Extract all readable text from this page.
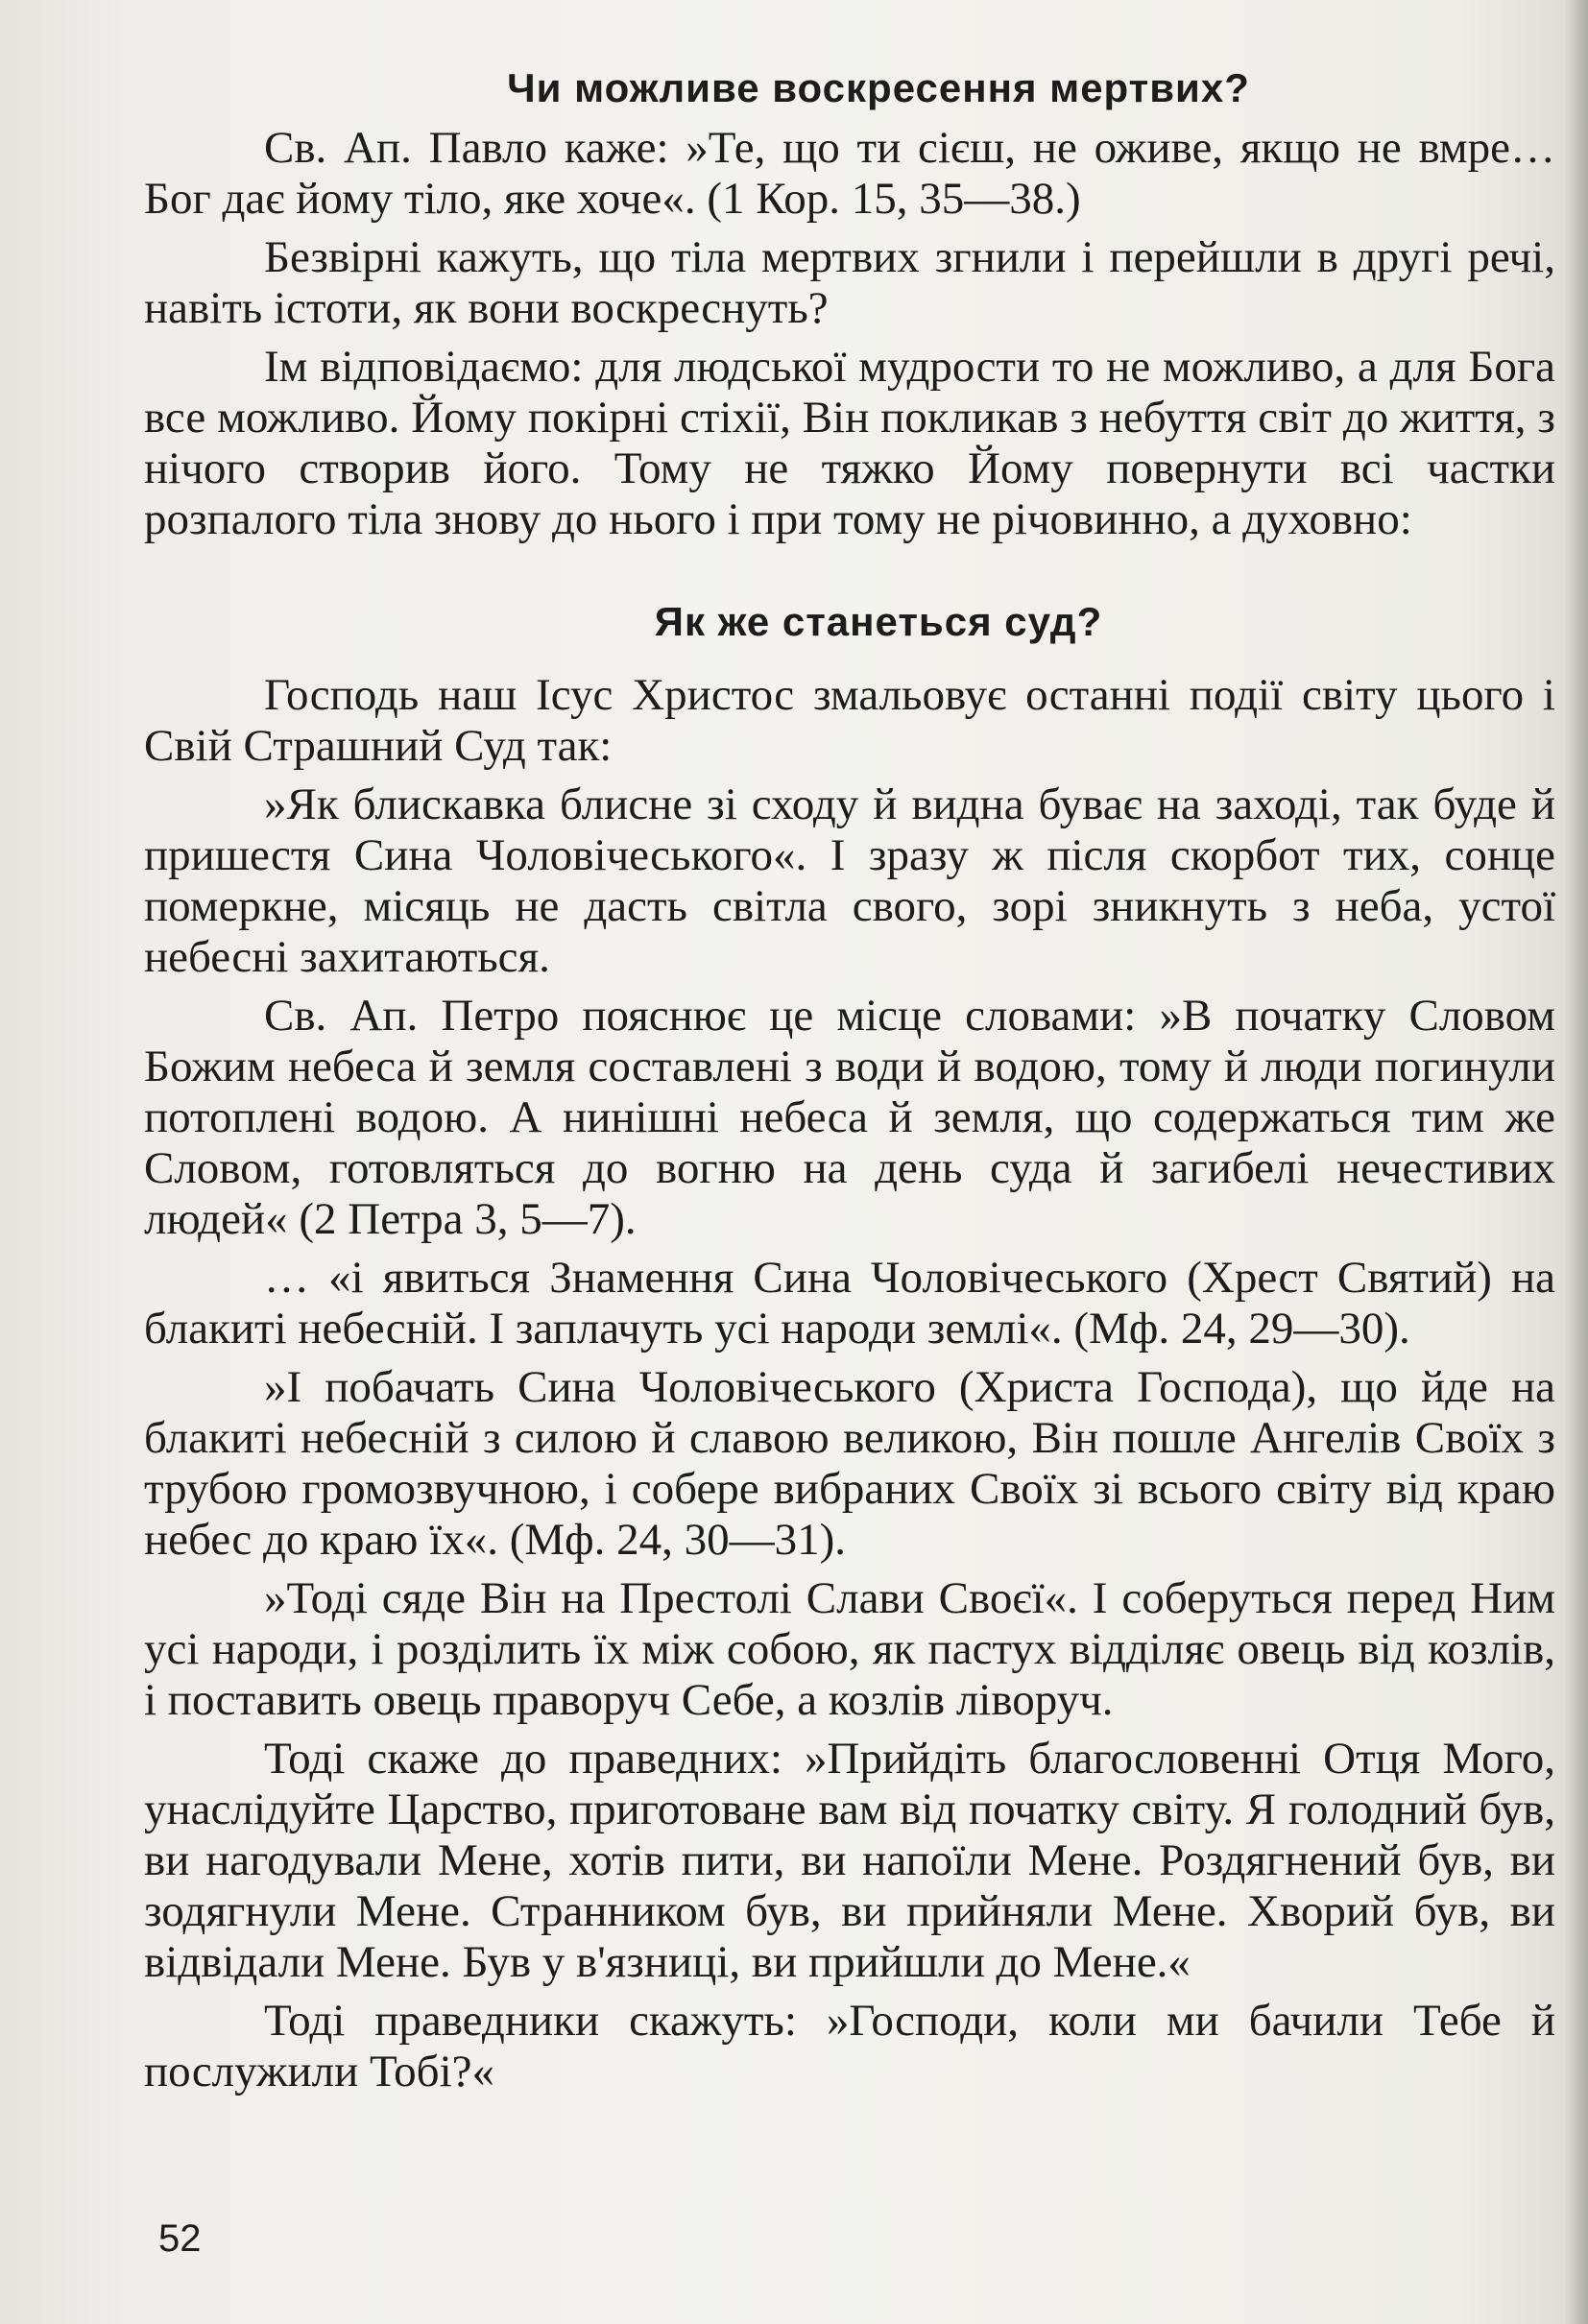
Чи можливе воскресення мертвих?

Св. Ап. Павло каже: »Те, що ти сієш, не оживе, якщо не вмре… Бог дає йому тіло, яке хоче«. (1 Кор. 15, 35—38.)

Безвірні кажуть, що тіла мертвих згнили і перейшли в другі речі, навіть істоти, як вони воскреснуть?

Ім відповідаємо: для людської мудрости то не можливо, а для Бога все можливо. Йому покірні стіхії, Він покликав з небуття світ до життя, з нічого створив його. Тому не тяжко Йому повернути всі частки розпалого тіла знову до нього і при тому не річовинно, а духовно:

Як же станеться суд?

Господь наш Ісус Христос змальовує останні події світу цього і Свій Страшний Суд так:

»Як блискавка блисне зі сходу й видна буває на заході, так буде й пришестя Сина Чоловічеського«. І зразу ж після скорбот тих, сонце померкне, місяць не дасть світла свого, зорі зникнуть з неба, устої небесні захитаються.

Св. Ап. Петро пояснює це місце словами: »В початку Словом Божим небеса й земля составлені з води й водою, тому й люди погинули потоплені водою. А нинішні небеса й земля, що содержаться тим же Словом, готовляться до вогню на день суда й загибелі нечестивих людей« (2 Петра 3, 5—7).

… «і явиться Знамення Сина Чоловічеського (Хрест Святий) на блакиті небесній. І заплачуть усі народи землі«. (Мф. 24, 29—30).

»І побачать Сина Чоловічеського (Христа Господа), що йде на блакиті небесній з силою й славою великою, Він пошле Ангелів Своїх з трубою громозвучною, і собере вибраних Своїх зі всього світу від краю небес до краю їх«. (Мф. 24, 30—31).

»Тоді сяде Він на Престолі Слави Своєї«. І соберуться перед Ним усі народи, і розділить їх між собою, як пастух відділяє овець від козлів, і поставить овець праворуч Себе, а козлів ліворуч.

Тоді скаже до праведних: »Прийдіть благословенні Отця Мого, унаслідуйте Царство, приготоване вам від початку світу. Я голодний був, ви нагодували Мене, хотів пити, ви напоїли Мене. Роздягнений був, ви зодягнули Мене. Странником був, ви прийняли Мене. Хворий був, ви відвідали Мене. Був у в'язниці, ви прийшли до Мене.«

Тоді праведники скажуть: »Господи, коли ми бачили Тебе й послужили Тобі?«

52
